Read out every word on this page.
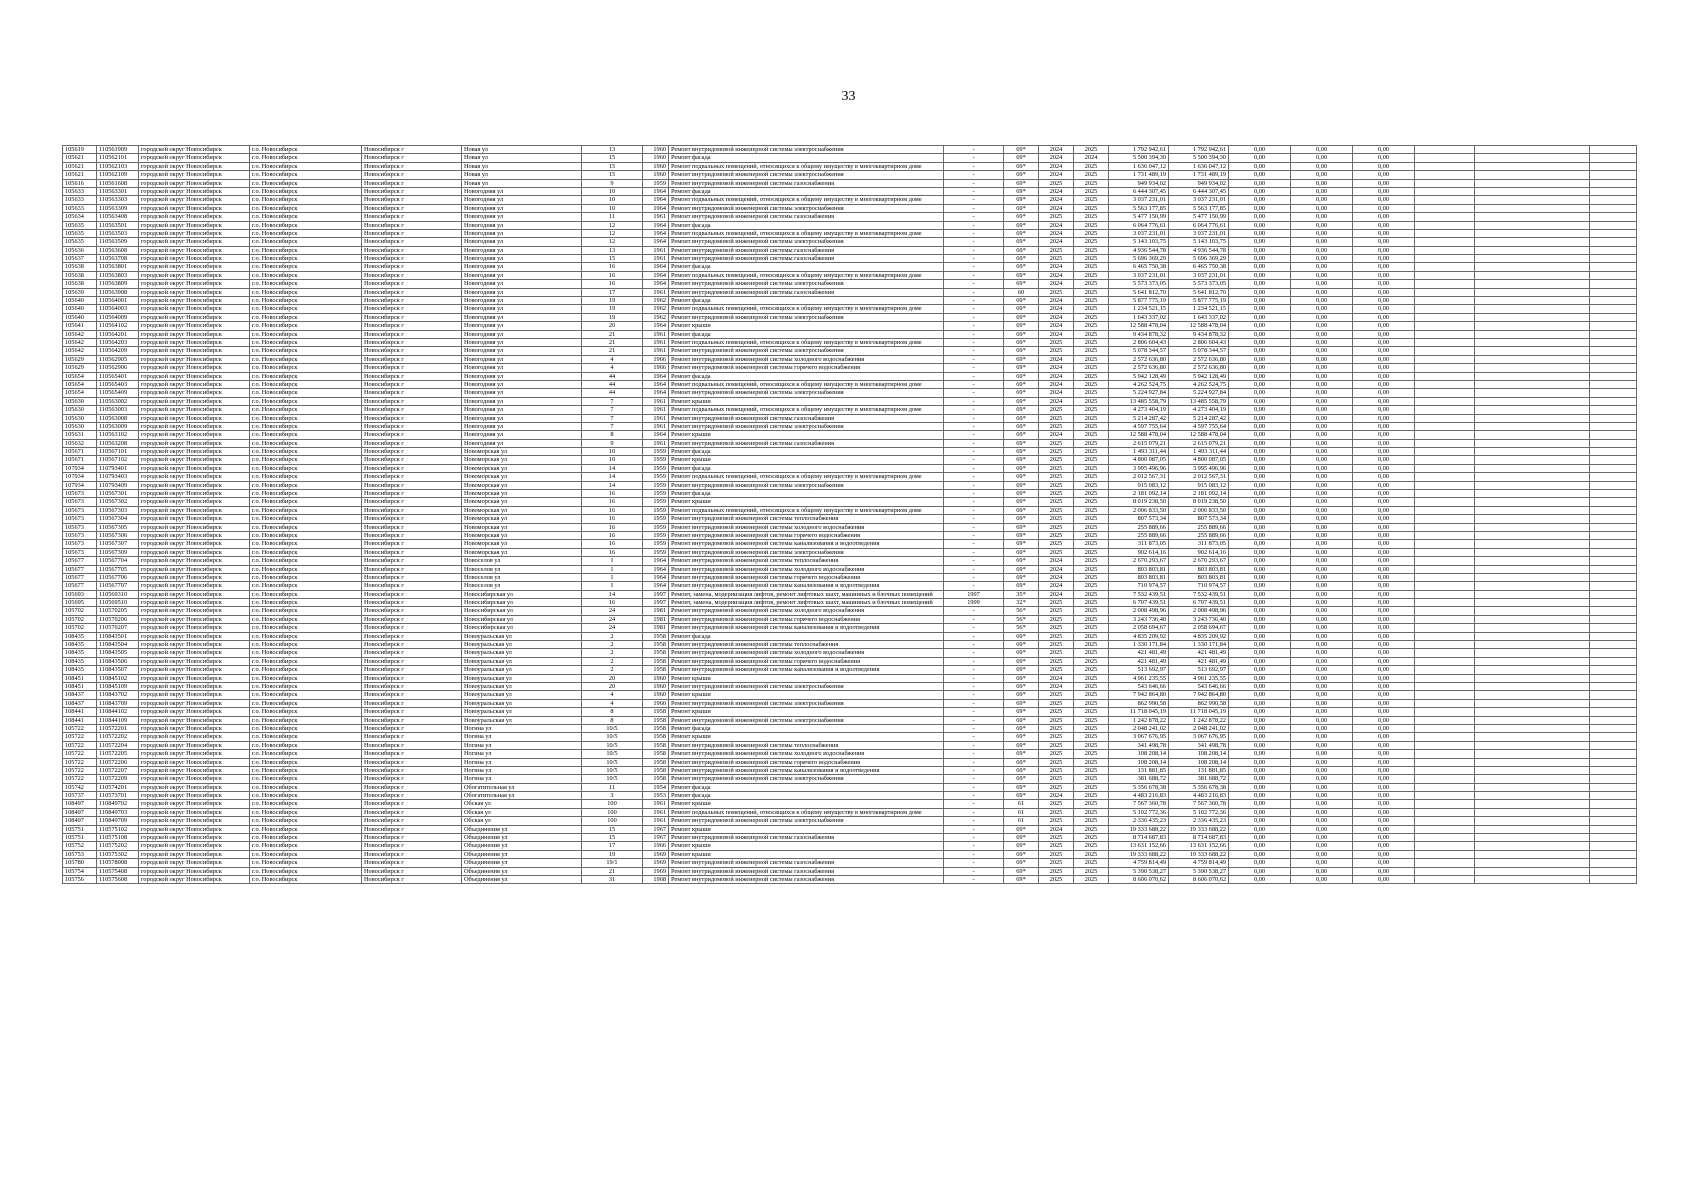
33
105619	110561909	городской округ Новосибирск	г.о. Новосибирск	Новосибирск г	Новая ул	13	1960	Ремонт внутридомовой инженерной системы электроснабжения	-	69*	2024	2025	1 792 942,61	1 792 942,61	0,00	0,00	0,00			
105621	110562101	городской округ Новосибирск	г.о. Новосибирск	Новосибирск г	Новая ул	15	1960	Ремонт фасада	-	69*	2024	2024	5 500 394,30	5 500 394,30	0,00	0,00	0,00			
105621	110562103	городской округ Новосибирск	г.о. Новосибирск	Новосибирск г	Новая ул	15	1960	Ремонт подвальных помещений, относящихся к общему имуществу в многоквартирном доме	-	69*	2024	2025	1 636 047,12	1 636 047,12	0,00	0,00	0,00			
105621	110562109	городской округ Новосибирск	г.о. Новосибирск	Новосибирск г	Новая ул	15	1960	Ремонт внутридомовой инженерной системы электроснабжения	-	69*	2024	2025	1 731 489,19	1 731 489,19	0,00	0,00	0,00			
105616	110561608	городской округ Новосибирск	г.о. Новосибирск	Новосибирск г	Новая ул	9	1959	Ремонт внутридомовой инженерной системы газоснабжения	-	69*	2025	2025	949 934,02	949 934,02	0,00	0,00	0,00			
105633	110563301	городской округ Новосибирск	г.о. Новосибирск	Новосибирск г	Новогодняя ул	10	1964	Ремонт фасада	-	69*	2024	2025	6 444 307,45	6 444 307,45	0,00	0,00	0,00			
105633	110563303	городской округ Новосибирск	г.о. Новосибирск	Новосибирск г	Новогодняя ул	10	1964	Ремонт подвальных помещений, относящихся к общему имуществу в многоквартирном доме	-	69*	2024	2025	3 037 231,01	3 037 231,01	0,00	0,00	0,00			
105633	110563309	городской округ Новосибирск	г.о. Новосибирск	Новосибирск г	Новогодняя ул	10	1964	Ремонт внутридомовой инженерной системы электроснабжения	-	69*	2024	2025	5 563 177,85	5 563 177,85	0,00	0,00	0,00			
105634	110563408	городской округ Новосибирск	г.о. Новосибирск	Новосибирск г	Новогодняя ул	11	1961	Ремонт внутридомовой инженерной системы газоснабжения	-	69*	2025	2025	5 477 150,99	5 477 150,99	0,00	0,00	0,00			
105635	110563501	городской округ Новосибирск	г.о. Новосибирск	Новосибирск г	Новогодняя ул	12	1964	Ремонт фасада	-	69*	2024	2025	6 064 776,61	6 064 776,61	0,00	0,00	0,00			
105635	110563503	городской округ Новосибирск	г.о. Новосибирск	Новосибирск г	Новогодняя ул	12	1964	Ремонт подвальных помещений, относящихся к общему имуществу в многоквартирном доме	-	69*	2024	2025	3 037 231,01	3 037 231,01	0,00	0,00	0,00			
105635	110563509	городской округ Новосибирск	г.о. Новосибирск	Новосибирск г	Новогодняя ул	12	1964	Ремонт внутридомовой инженерной системы электроснабжения	-	69*	2024	2025	5 143 103,75	5 143 103,75	0,00	0,00	0,00			
105636	110563608	городской округ Новосибирск	г.о. Новосибирск	Новосибирск г	Новогодняя ул	13	1961	Ремонт внутридомовой инженерной системы газоснабжения	-	69*	2025	2025	4 936 544,78	4 936 544,78	0,00	0,00	0,00			
105637	110563708	городской округ Новосибирск	г.о. Новосибирск	Новосибирск г	Новогодняя ул	15	1961	Ремонт внутридомовой инженерной системы газоснабжения	-	69*	2025	2025	5 696 369,29	5 696 369,29	0,00	0,00	0,00			
105638	110563801	городской округ Новосибирск	г.о. Новосибирск	Новосибирск г	Новогодняя ул	16	1964	Ремонт фасада	-	69*	2024	2025	6 465 750,38	6 465 750,38	0,00	0,00	0,00			
105638	110563803	городской округ Новосибирск	г.о. Новосибирск	Новосибирск г	Новогодняя ул	16	1964	Ремонт подвальных помещений, относящихся к общему имуществу в многоквартирном доме	-	69*	2024	2025	3 037 231,01	3 037 231,01	0,00	0,00	0,00			
105638	110563809	городской округ Новосибирск	г.о. Новосибирск	Новосибирск г	Новогодняя ул	16	1964	Ремонт внутридомовой инженерной системы электроснабжения	-	69*	2024	2025	5 573 373,05	5 573 373,05	0,00	0,00	0,00			
105639	110563908	городской округ Новосибирск	г.о. Новосибирск	Новосибирск г	Новогодняя ул	17	1961	Ремонт внутридомовой инженерной системы газоснабжения	-	60	2025	2025	5 641 812,70	5 641 812,70	0,00	0,00	0,00			
105640	110564001	городской округ Новосибирск	г.о. Новосибирск	Новосибирск г	Новогодняя ул	19	1962	Ремонт фасада	-	69*	2024	2025	5 877 775,19	5 877 775,19	0,00	0,00	0,00			
105640	110564003	городской округ Новосибирск	г.о. Новосибирск	Новосибирск г	Новогодняя ул	19	1962	Ремонт подвальных помещений, относящихся к общему имуществу в многоквартирном доме	-	69*	2024	2025	1 234 521,15	1 234 521,15	0,00	0,00	0,00			
105640	110564009	городской округ Новосибирск	г.о. Новосибирск	Новосибирск г	Новогодняя ул	19	1962	Ремонт внутридомовой инженерной системы электроснабжения	-	69*	2024	2025	1 643 337,02	1 643 337,02	0,00	0,00	0,00			
105641	110564102	городской округ Новосибирск	г.о. Новосибирск	Новосибирск г	Новогодняя ул	20	1964	Ремонт крыши	-	69*	2024	2025	12 588 478,04	12 588 478,04	0,00	0,00	0,00			
105642	110564201	городской округ Новосибирск	г.о. Новосибирск	Новосибирск г	Новогодняя ул	21	1961	Ремонт фасада	-	69*	2024	2025	9 434 878,32	9 434 878,32	0,00	0,00	0,00			
105642	110564203	городской округ Новосибирск	г.о. Новосибирск	Новосибирск г	Новогодняя ул	21	1961	Ремонт подвальных помещений, относящихся к общему имуществу в многоквартирном доме	-	69*	2025	2025	2 806 604,43	2 806 604,43	0,00	0,00	0,00			
105642	110564209	городской округ Новосибирск	г.о. Новосибирск	Новосибирск г	Новогодняя ул	21	1961	Ремонт внутридомовой инженерной системы электроснабжения	-	69*	2025	2025	5 078 344,57	5 078 344,57	0,00	0,00	0,00			
105629	110562905	городской округ Новосибирск	г.о. Новосибирск	Новосибирск г	Новогодняя ул	4	1966	Ремонт внутридомовой инженерной системы холодного водоснабжения	-	69*	2024	2025	2 572 636,80	2 572 636,80	0,00	0,00	0,00			
105629	110562906	городской округ Новосибирск	г.о. Новосибирск	Новосибирск г	Новогодняя ул	4	1966	Ремонт внутридомовой инженерной системы горячего водоснабжения	-	69*	2024	2025	2 572 636,80	2 572 636,80	0,00	0,00	0,00			
105654	110565401	городской округ Новосибирск	г.о. Новосибирск	Новосибирск г	Новогодняя ул	44	1964	Ремонт фасада	-	69*	2024	2025	5 942 128,49	5 942 128,49	0,00	0,00	0,00			
105654	110565403	городской округ Новосибирск	г.о. Новосибирск	Новосибирск г	Новогодняя ул	44	1964	Ремонт подвальных помещений, относящихся к общему имуществу в многоквартирном доме	-	69*	2024	2025	4 262 524,75	4 262 524,75	0,00	0,00	0,00			
105654	110565409	городской округ Новосибирск	г.о. Новосибирск	Новосибирск г	Новогодняя ул	44	1964	Ремонт внутридомовой инженерной системы электроснабжения	-	69*	2024	2025	5 224 927,84	5 224 927,84	0,00	0,00	0,00			
105630	110563002	городской округ Новосибирск	г.о. Новосибирск	Новосибирск г	Новогодняя ул	7	1961	Ремонт крыши	-	69*	2024	2025	13 485 558,79	13 485 558,79	0,00	0,00	0,00			
105630	110563003	городской округ Новосибирск	г.о. Новосибирск	Новосибирск г	Новогодняя ул	7	1961	Ремонт подвальных помещений, относящихся к общему имуществу в многоквартирном доме	-	69*	2025	2025	4 273 404,19	4 273 404,19	0,00	0,00	0,00			
105630	110563008	городской округ Новосибирск	г.о. Новосибирск	Новосибирск г	Новогодняя ул	7	1961	Ремонт внутридомовой инженерной системы газоснабжения	-	69*	2025	2025	5 214 287,42	5 214 287,42	0,00	0,00	0,00			
105630	110563009	городской округ Новосибирск	г.о. Новосибирск	Новосибирск г	Новогодняя ул	7	1961	Ремонт внутридомовой инженерной системы электроснабжения	-	69*	2025	2025	4 597 755,64	4 597 755,64	0,00	0,00	0,00			
105631	110563102	городской округ Новосибирск	г.о. Новосибирск	Новосибирск г	Новогодняя ул	8	1964	Ремонт крыши	-	69*	2024	2025	12 588 478,04	12 588 478,04	0,00	0,00	0,00			
105632	110563208	городской округ Новосибирск	г.о. Новосибирск	Новосибирск г	Новогодняя ул	9	1961	Ремонт внутридомовой инженерной системы газоснабжения	-	69*	2025	2025	2 615 079,21	2 615 079,21	0,00	0,00	0,00			
105671	110567101	городской округ Новосибирск	г.о. Новосибирск	Новосибирск г	Новоморская ул	10	1959	Ремонт фасада	-	69*	2025	2025	1 493 311,44	1 493 311,44	0,00	0,00	0,00			
105671	110567102	городской округ Новосибирск	г.о. Новосибирск	Новосибирск г	Новоморская ул	10	1959	Ремонт крыши	-	69*	2025	2025	4 800 087,05	4 800 087,05	0,00	0,00	0,00			
107934	110793401	городской округ Новосибирск	г.о. Новосибирск	Новосибирск г	Новоморская ул	14	1959	Ремонт фасада	-	69*	2025	2025	3 995 496,96	3 995 496,96	0,00	0,00	0,00			
107934	110793403	городской округ Новосибирск	г.о. Новосибирск	Новосибирск г	Новоморская ул	14	1959	Ремонт подвальных помещений, относящихся к общему имуществу в многоквартирном доме	-	69*	2025	2025	2 012 567,31	2 012 567,31	0,00	0,00	0,00			
107934	110793409	городской округ Новосибирск	г.о. Новосибирск	Новосибирск г	Новоморская ул	14	1959	Ремонт внутридомовой инженерной системы электроснабжения	-	69*	2025	2025	915 083,12	915 083,12	0,00	0,00	0,00			
105673	110567301	городской округ Новосибирск	г.о. Новосибирск	Новосибирск г	Новоморская ул	16	1959	Ремонт фасада	-	69*	2025	2025	2 181 092,14	2 181 092,14	0,00	0,00	0,00			
105673	110567302	городской округ Новосибирск	г.о. Новосибирск	Новосибирск г	Новоморская ул	16	1959	Ремонт крыши	-	69*	2025	2025	8 019 238,50	8 019 238,50	0,00	0,00	0,00			
105673	110567303	городской округ Новосибирск	г.о. Новосибирск	Новосибирск г	Новоморская ул	16	1959	Ремонт подвальных помещений, относящихся к общему имуществу в многоквартирном доме	-	69*	2025	2025	2 006 833,50	2 006 833,50	0,00	0,00	0,00			
105673	110567304	городской округ Новосибирск	г.о. Новосибирск	Новосибирск г	Новоморская ул	16	1959	Ремонт внутридомовой инженерной системы теплоснабжения	-	69*	2025	2025	807 573,34	807 573,34	0,00	0,00	0,00			
105673	110567305	городской округ Новосибирск	г.о. Новосибирск	Новосибирск г	Новоморская ул	16	1959	Ремонт внутридомовой инженерной системы холодного водоснабжения	-	69*	2025	2025	255 889,66	255 889,66	0,00	0,00	0,00			
105673	110567306	городской округ Новосибирск	г.о. Новосибирск	Новосибирск г	Новоморская ул	16	1959	Ремонт внутридомовой инженерной системы горячего водоснабжения	-	69*	2025	2025	255 889,66	255 889,66	0,00	0,00	0,00			
105673	110567307	городской округ Новосибирск	г.о. Новосибирск	Новосибирск г	Новоморская ул	16	1959	Ремонт внутридомовой инженерной системы канализования и водоотведения	-	69*	2025	2025	311 873,05	311 873,05	0,00	0,00	0,00			
105673	110567309	городской округ Новосибирск	г.о. Новосибирск	Новосибирск г	Новоморская ул	16	1959	Ремонт внутридомовой инженерной системы электроснабжения	-	69*	2025	2025	902 614,16	902 614,16	0,00	0,00	0,00			
105677	110567704	городской округ Новосибирск	г.о. Новосибирск	Новосибирск г	Новоселов ул	1	1964	Ремонт внутридомовой инженерной системы теплоснабжения	-	69*	2024	2025	2 670 293,67	2 670 293,67	0,00	0,00	0,00			
105677	110567705	городской округ Новосибирск	г.о. Новосибирск	Новосибирск г	Новоселов ул	1	1964	Ремонт внутридомовой инженерной системы холодного водоснабжения	-	69*	2024	2025	803 803,81	803 803,81	0,00	0,00	0,00			
105677	110567706	городской округ Новосибирск	г.о. Новосибирск	Новосибирск г	Новоселов ул	1	1964	Ремонт внутридомовой инженерной системы горячего водоснабжения	-	69*	2024	2025	803 803,81	803 803,81	0,00	0,00	0,00			
105677	110567707	городской округ Новосибирск	г.о. Новосибирск	Новосибирск г	Новоселов ул	1	1964	Ремонт внутридомовой инженерной системы канализования и водоотведения	-	69*	2024	2025	710 974,57	710 974,57	0,00	0,00	0,00			
105693	110569310	городской округ Новосибирск	г.о. Новосибирск	Новосибирск г	Новосибирская ул	14	1997	Ремонт, замена, модернизация лифтов, ремонт лифтовых шахт, машинных и блочных помещений	1997	35*	2024	2025	7 532 439,51	7 532 439,51	0,00	0,00	0,00			
105695	110569510	городской округ Новосибирск	г.о. Новосибирск	Новосибирск г	Новосибирская ул	16	1997	Ремонт, замена, модернизация лифтов, ремонт лифтовых шахт, машинных и блочных помещений	1999	32*	2025	2025	6 707 439,51	6 707 439,51	0,00	0,00	0,00			
105702	110570205	городской округ Новосибирск	г.о. Новосибирск	Новосибирск г	Новосибирская ул	24	1981	Ремонт внутридомовой инженерной системы холодного водоснабжения	-	56*	2025	2025	2 008 498,96	2 008 498,96	0,00	0,00	0,00			
105702	110570206	городской округ Новосибирск	г.о. Новосибирск	Новосибирск г	Новосибирская ул	24	1981	Ремонт внутридомовой инженерной системы горячего водоснабжения	-	56*	2025	2025	3 243 736,40	3 243 736,40	0,00	0,00	0,00			
105702	110570207	городской округ Новосибирск	г.о. Новосибирск	Новосибирск г	Новосибирская ул	24	1981	Ремонт внутридомовой инженерной системы канализования и водоотведения	-	56*	2025	2025	2 058 694,67	2 058 694,67	0,00	0,00	0,00			
108435	110843501	городской округ Новосибирск	г.о. Новосибирск	Новосибирск г	Новоуральская ул	2	1958	Ремонт фасада	-	69*	2025	2025	4 835 209,92	4 835 209,92	0,00	0,00	0,00			
108435	110843504	городской округ Новосибирск	г.о. Новосибирск	Новосибирск г	Новоуральская ул	2	1958	Ремонт внутридомовой инженерной системы теплоснабжения	-	69*	2025	2025	1 330 171,84	1 330 171,84	0,00	0,00	0,00			
108435	110843505	городской округ Новосибирск	г.о. Новосибирск	Новосибирск г	Новоуральская ул	2	1958	Ремонт внутридомовой инженерной системы холодного водоснабжения	-	69*	2025	2025	421 481,49	421 481,49	0,00	0,00	0,00			
108435	110843506	городской округ Новосибирск	г.о. Новосибирск	Новосибирск г	Новоуральская ул	2	1958	Ремонт внутридомовой инженерной системы горячего водоснабжения	-	69*	2025	2025	421 481,49	421 481,49	0,00	0,00	0,00			
108435	110843507	городской округ Новосибирск	г.о. Новосибирск	Новосибирск г	Новоуральская ул	2	1958	Ремонт внутридомовой инженерной системы канализования и водоотведения	-	69*	2025	2025	513 692,97	513 692,97	0,00	0,00	0,00			
108451	110845102	городской округ Новосибирск	г.о. Новосибирск	Новосибирск г	Новоуральская ул	20	1960	Ремонт крыши	-	69*	2024	2025	4 961 235,55	4 961 235,55	0,00	0,00	0,00			
108451	110845109	городской округ Новосибирск	г.о. Новосибирск	Новосибирск г	Новоуральская ул	20	1960	Ремонт внутридомовой инженерной системы электроснабжения	-	69*	2024	2025	543 646,66	543 646,66	0,00	0,00	0,00			
108437	110843702	городской округ Новосибирск	г.о. Новосибирск	Новосибирск г	Новоуральская ул	4	1960	Ремонт крыши	-	69*	2025	2025	7 942 864,80	7 942 864,80	0,00	0,00	0,00			
108437	110843709	городской округ Новосибирск	г.о. Новосибирск	Новосибирск г	Новоуральская ул	4	1960	Ремонт внутридомовой инженерной системы электроснабжения	-	69*	2025	2025	862 990,58	862 990,58	0,00	0,00	0,00			
108441	110844102	городской округ Новосибирск	г.о. Новосибирск	Новосибирск г	Новоуральская ул	8	1958	Ремонт крыши	-	69*	2025	2025	11 718 045,19	11 718 045,19	0,00	0,00	0,00			
108441	110844109	городской округ Новосибирск	г.о. Новосибирск	Новосибирск г	Новоуральская ул	8	1958	Ремонт внутридомовой инженерной системы электроснабжения	-	69*	2025	2025	1 242 878,22	1 242 878,22	0,00	0,00	0,00			
105722	110572201	городской округ Новосибирск	г.о. Новосибирск	Новосибирск г	Ногина ул	10/5	1958	Ремонт фасада	-	69*	2025	2025	2 048 241,02	2 048 241,02	0,00	0,00	0,00			
105722	110572202	городской округ Новосибирск	г.о. Новосибирск	Новосибирск г	Ногина ул	10/5	1958	Ремонт крыши	-	69*	2025	2025	3 067 676,95	3 067 676,95	0,00	0,00	0,00			
105722	110572204	городской округ Новосибирск	г.о. Новосибирск	Новосибирск г	Ногина ул	10/5	1958	Ремонт внутридомовой инженерной системы теплоснабжения	-	69*	2025	2025	341 498,78	341 498,78	0,00	0,00	0,00			
105722	110572205	городской округ Новосибирск	г.о. Новосибирск	Новосибирск г	Ногина ул	10/5	1958	Ремонт внутридомовой инженерной системы холодного водоснабжения	-	69*	2025	2025	108 208,14	108 208,14	0,00	0,00	0,00			
105722	110572206	городской округ Новосибирск	г.о. Новосибирск	Новосибирск г	Ногина ул	10/5	1958	Ремонт внутридомовой инженерной системы горячего водоснабжения	-	69*	2025	2025	108 208,14	108 208,14	0,00	0,00	0,00			
105722	110572207	городской округ Новосибирск	г.о. Новосибирск	Новосибирск г	Ногина ул	10/5	1958	Ремонт внутридомовой инженерной системы канализования и водоотведения	-	69*	2025	2025	131 881,85	131 881,85	0,00	0,00	0,00			
105722	110572209	городской округ Новосибирск	г.о. Новосибирск	Новосибирск г	Ногина ул	10/5	1958	Ремонт внутридомовой инженерной системы электроснабжения	-	69*	2025	2025	381 688,72	381 688,72	0,00	0,00	0,00			
105742	110574201	городской округ Новосибирск	г.о. Новосибирск	Новосибирск г	Обогатительная ул	11	1954	Ремонт фасада	-	69*	2025	2025	5 356 678,38	5 356 678,38	0,00	0,00	0,00			
105737	110573701	городской округ Новосибирск	г.о. Новосибирск	Новосибирск г	Обогатительная ул	3	1953	Ремонт фасада	-	69*	2024	2025	4 483 216,83	4 483 216,83	0,00	0,00	0,00			
108497	110849702	городской округ Новосибирск	г.о. Новосибирск	Новосибирск г	Обская ул	100	1961	Ремонт крыши	-	61	2025	2025	7 567 360,78	7 567 360,78	0,00	0,00	0,00			
108497	110849703	городской округ Новосибирск	г.о. Новосибирск	Новосибирск г	Обская ул	100	1961	Ремонт подвальных помещений, относящихся к общему имуществу в многоквартирном доме	-	61	2025	2025	5 102 772,36	5 102 772,36	0,00	0,00	0,00			
108497	110849709	городской округ Новосибирск	г.о. Новосибирск	Новосибирск г	Обская ул	100	1961	Ремонт внутридомовой инженерной системы электроснабжения	-	61	2025	2025	2 336 435,23	2 336 435,23	0,00	0,00	0,00			
105751	110575102	городской округ Новосибирск	г.о. Новосибирск	Новосибирск г	Объединения ул	15	1967	Ремонт крыши	-	69*	2024	2025	19 333 688,22	19 333 688,22	0,00	0,00	0,00			
105751	110575108	городской округ Новосибирск	г.о. Новосибирск	Новосибирск г	Объединения ул	15	1967	Ремонт внутридомовой инженерной системы газоснабжения	-	69*	2025	2025	8 714 687,83	8 714 687,83	0,00	0,00	0,00			
105752	110575202	городской округ Новосибирск	г.о. Новосибирск	Новосибирск г	Объединения ул	17	1966	Ремонт крыши	-	69*	2025	2025	13 631 152,66	13 631 152,66	0,00	0,00	0,00			
105753	110575302	городской округ Новосибирск	г.о. Новосибирск	Новосибирск г	Объединения ул	19	1969	Ремонт крыши	-	69*	2025	2025	19 333 688,22	19 333 688,22	0,00	0,00	0,00			
105780	110578008	городской округ Новосибирск	г.о. Новосибирск	Новосибирск г	Объединения ул	19/1	1969	Ремонт внутридомовой инженерной системы газоснабжения	-	69*	2025	2025	4 759 814,49	4 759 814,49	0,00	0,00	0,00			
105754	110575408	городской округ Новосибирск	г.о. Новосибирск	Новосибирск г	Объединения ул	21	1969	Ремонт внутридомовой инженерной системы газоснабжения	-	69*	2025	2025	5 390 538,27	5 390 538,27	0,00	0,00	0,00			
105756	110575608	городской округ Новосибирск	г.о. Новосибирск	Новосибирск г	Объединения ул	31	1968	Ремонт внутридомовой инженерной системы газоснабжения	-	69*	2025	2025	8 606 070,62	8 606 070,62	0,00	0,00	0,00			
